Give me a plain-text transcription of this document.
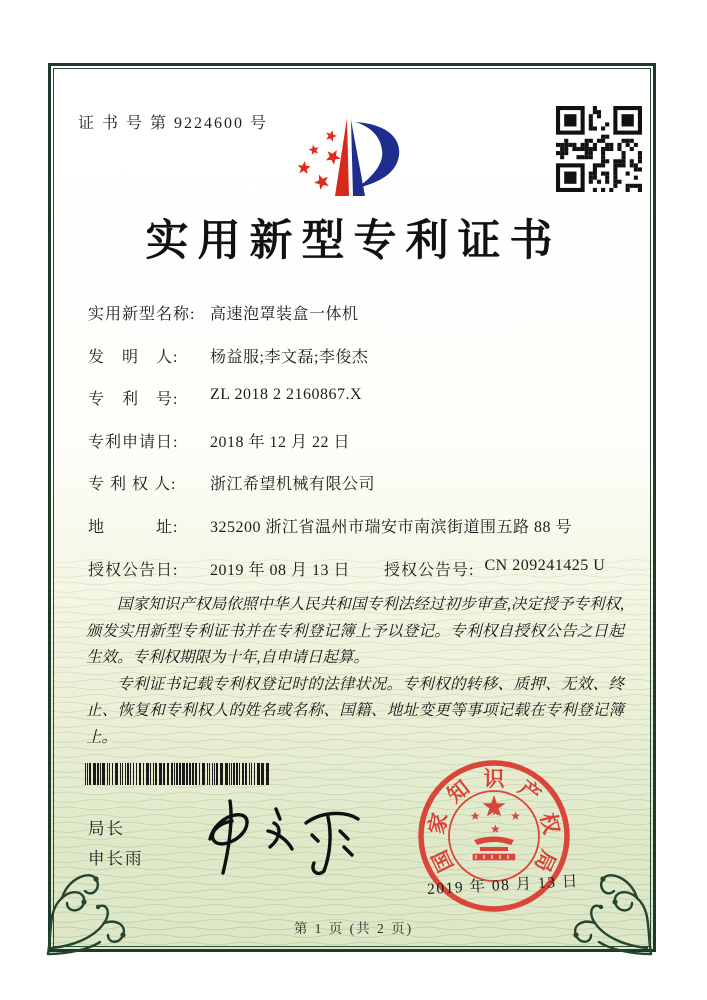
证 书 号 第 9224600 号
实用新型专利证书
实用新型名称: 高速泡罩装盒一体机
发　明　人:	杨益服;李文磊;李俊杰
专　利　号:	ZL 2018 2 2160867.X
专利申请日:	2018 年 12 月 22 日
专 利 权 人:	浙江希望机械有限公司
地　　　址:	325200 浙江省温州市瑞安市南滨街道围五路 88 号
授权公告日:	2019 年 08 月 13 日 授权公告号: CN 209241425 U

国家知识产权局依照中华人民共和国专利法经过初步审查,决定授予专利权,颁发实用新型专利证书并在专利登记簿上予以登记。专利权自授权公告之日起生效。专利权期限为十年,自申请日起算。

专利证书记载专利权登记时的法律状况。专利权的转移、质押、无效、终止、恢复和专利权人的姓名或名称、国籍、地址变更等事项记载在专利登记簿上。

局长
申长雨	国
家
知 识 产
权
局
2019 年 08 月 13 日
第 1 页 (共 2 页)
